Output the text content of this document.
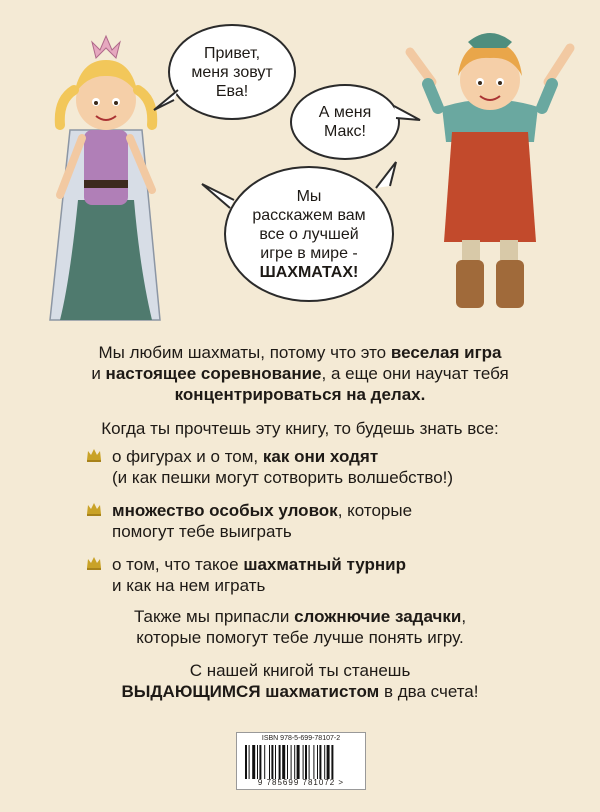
Привет,
меня зовут
Ева!
А меня
Макс!
Мы
расскажем вам
все о лучшей
игре в мире -
ШАХМАТАХ!
Мы любим шахматы, потому что это веселая игра
и настоящее соревнование, а еще они научат тебя
концентрироваться на делах.
Когда ты прочтешь эту книгу, то будешь знать все:
о фигурах и о том, как они ходят
(и как пешки могут сотворить волшебство!)
множество особых уловок, которые
помогут тебе выиграть
о том, что такое шахматный турнир
и как на нем играть
Также мы припасли сложнючие задачки,
которые помогут тебе лучше понять игру.
С нашей книгой ты станешь
ВЫДАЮЩИМСЯ шахматистом в два счета!
ISBN 978-5-699-78107-2
9 785699 781072 >
